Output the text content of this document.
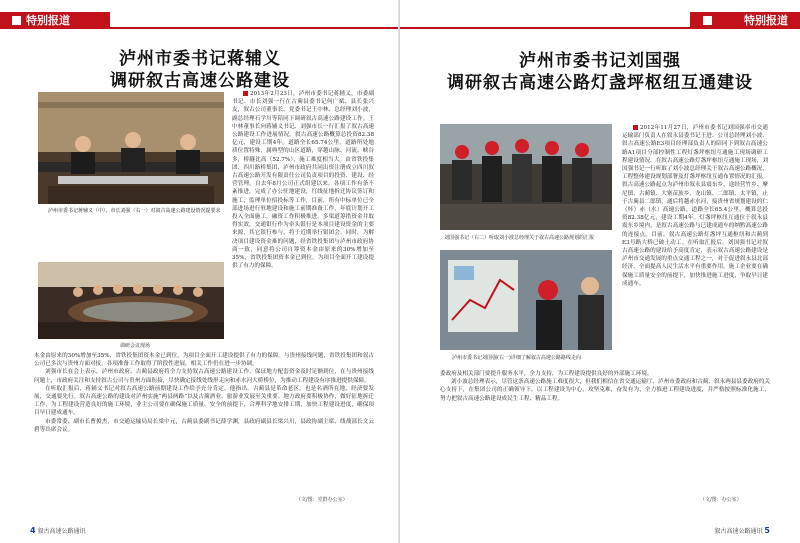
特别报道
泸州市委书记蒋辅义
调研叙古高速公路建设
泸州市委书记蒋辅义（中）、市长刘强（右一）对叙古高速公路建设情况提要求
调研会议现场

2013年2月23日，泸州市委书记蒋辅义，市委副书记、市长刘强一行在古蔺县委书记何广斌、县长张兴友，叙古公司董事长、党委书记王中林、总经理刘小波，副总经理石学川等陪同下调研叙古高速公路建设工作。王中林董事长向蒋辅义书记、刘强市长一行汇报了叙古高速公路建设工作进展情况。叙古高速公路概算总投资82.38亿元，建设工期4年。道路全长65.74公里，道路所处地质位置特殊，属典型的山区道路，穿越山脉、河流、峡谷多，桥隧比高（52.7%），施工难度相当大。由省铁投集团、四川路桥集团、泸州市政府共同出资注册成立四川叙古高速公路开发有限责任公司负责项目的投资、建设、经营管理。自去年8月公司正式组建以来，各项工作有条不紊推进，完成了办公驻地建设，红线征地拆迁协议签订和施工，监理单位招投标等工作，目前，所有中标单位已全部进场进行驻地建设和施工前期准备工作，年底计划开工投入全面施工。融资工作积极推进，多渠道筹措资金并取得实效，交通银行作为牵头银行是本项目建设资金的主要来源，其它银行参与，将于近期举行银团会。同时，为解决项目建设资金难的问题，经省铁投集团与泸州市政府协商一致，同意将公司自筹资本金由原来的30%增加至35%，省铁投集团资本金已到位，为项目全面开工建设提供了有力的保障。

本金由原来的30%增加至35%，省铁投集团资本金已到位，为项目全面开工建设提供了有力的保障。与贵州接线问题，省铁投集团和叙古公司已多次与贵州方面对接，各项准备工作取得了阶段性进展，相关工作仍在进一步协调。

刘强市长在会上表示，泸州市政府、古蔺县政府将全力支持叙古高速公路建设工作，保证地方配套资金及时足额到位，在与贵州接线问题上，市政府关注和支持叙古公司与贵州方面衔接，尽快确定接线处线形走向和赤水河大桥桥位，为推动工程建设有序推进提供保障。

在听取汇报后，蒋辅义书记对叙古高速公路前期建设工作给予充分肯定。他指出，古蔺县是革命老区，也是名酒所在地，经济要发展，交通要先行。叙古高速公路的建设对泸州实施“两县两路”以及古蔺酒业、旅游业发展至关重要。地方政府要积极协作，做好征地拆迁工作，为工程建设营造良好的施工环境，业主公司要在确保施工质量、安全的前提下，合理科学地安排工期，加快工程建设进度，确保项目早日建成通车。

市委常委、副市长曹俊杰，市交通运输局局长梁中元，古蔺县委副书记薛学渊，县政府副县长梁兴川，县政协副主席、线战部长文云碧等出席会议。

（文/图：党群办公室）
4 叙古高速公路通讯
特别报道
泸州市委书记刘国强
调研叙古高速公路灯盏坪枢纽互通建设
刘国强书记（右二）听取刘小波总经理关于叙古高速公路规划的汇报
泸州市委书记刘国强(右一)详细了解叙古高速公路路线走向

2012年11月27日，泸州市委书记刘国强率市交通运输部门负责人在叙永县委书记王进、公司总经理刘小波、叙古高速公路E3项目经理部负责人的陪同下到叙古高速公路A1项目分部控制性工程灯盏坪枢纽互通施工现场调研工程建设情况。在叙古高速公路灯盏坪枢纽互通施工现场，刘国强书记一行听取了刘小波总经理关于叙古高速公路概况、工程整体建设规划部署及灯盏坪枢纽互通布置情况的汇报。叙古高速公路起点为泸州市叙永县震东乡，途经营竹乡、摩尼镇、古蔺镇、大寨苗族乡、龙山镇、二郎镇、太平镇，止于古蔺县二郎镇，通后将越赤水河，接贵州省规划建设的仁（怀）赤（水）高速公路，道路全长65.4公里，概算总投资82.38亿元，建设工期4年。灯盏坪枢纽互通位于叙永县震东乡境内，是叙古高速公路与已建成通车的纳黔高速公路的连接点。目前，叙古高速公路灯盏坪互通枢纽和古蔺到E3号路大桥已破土动工。在听取汇报后，刘国强书记对叙古高速公路的建设给予高度肯定，表示叙古高速公路建设是泸州市交通发展的重点交通工程之一，对于促进叙永县北部经济、全面提高人民生活水平有重要作用。施工企业要在确保施工质量安全的前提下，加快推进施工进度，争取早日建成通车。

委政府及相关部门要提升服务水平，全力支持，为工程建设提供良好的外部施工环境。

刘小波总经理表示，尽管这条高速公路施工难度很大，但我们相信在省交通运输厅、泸州市委政府和古蔺、叙永两县县委政府的关心支持下，在集团公司的正确领导下，以工程建设为中心，攻坚克难，奋发有为，全力推进工程建设进度，并严格按照标准化施工，努力把叙古高速公路建设成民生工程、精品工程。

（文/图：办公室）
叙古高速公路通讯 5
